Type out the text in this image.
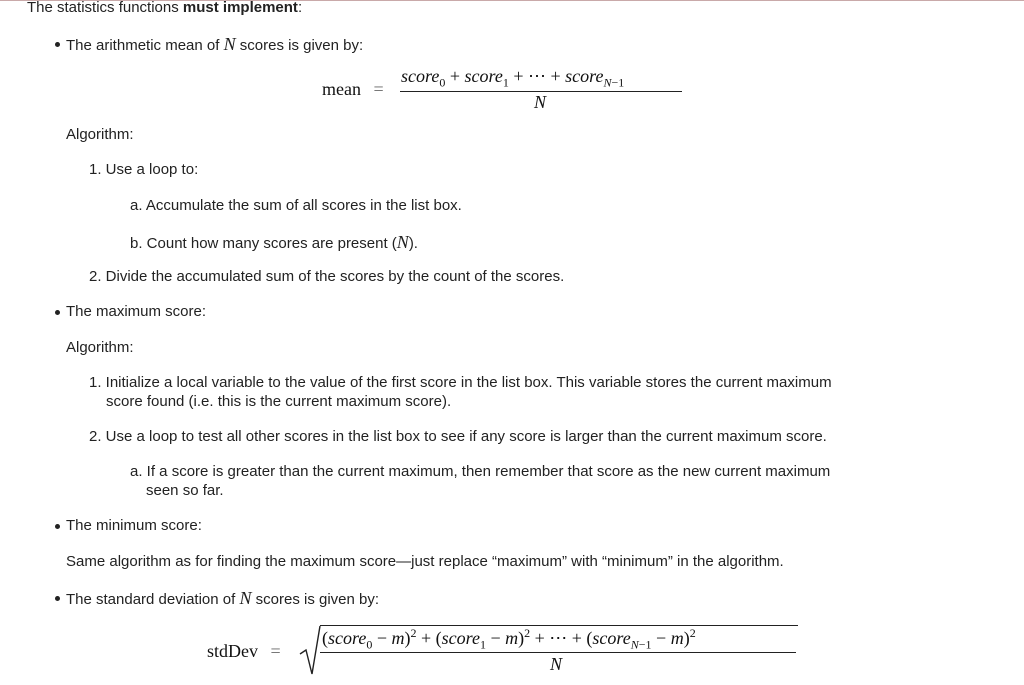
The statistics functions must implement:
The arithmetic mean of N scores is given by:
mean =
score$_0$ + score$_1$ + ⋯ + score$_{N-1}$
N
Algorithm:
1. Use a loop to:
a. Accumulate the sum of all scores in the list box.
b. Count how many scores are present (N).
2. Divide the accumulated sum of the scores by the count of the scores.
The maximum score:
Algorithm:
1. Initialize a local variable to the value of the first score in the list box. This variable stores the current maximum
score found (i.e. this is the current maximum score).
2. Use a loop to test all other scores in the list box to see if any score is larger than the current maximum score.
a. If a score is greater than the current maximum, then remember that score as the new current maximum
seen so far.
The minimum score:
Same algorithm as for finding the maximum score—just replace “maximum” with “minimum” in the algorithm.
The standard deviation of N scores is given by:
stdDev =
(score$_0$ − m)$^2$ + (score$_1$ − m)$^2$ + ⋯ + (score$_{N-1}$ − m)$^2$
N
